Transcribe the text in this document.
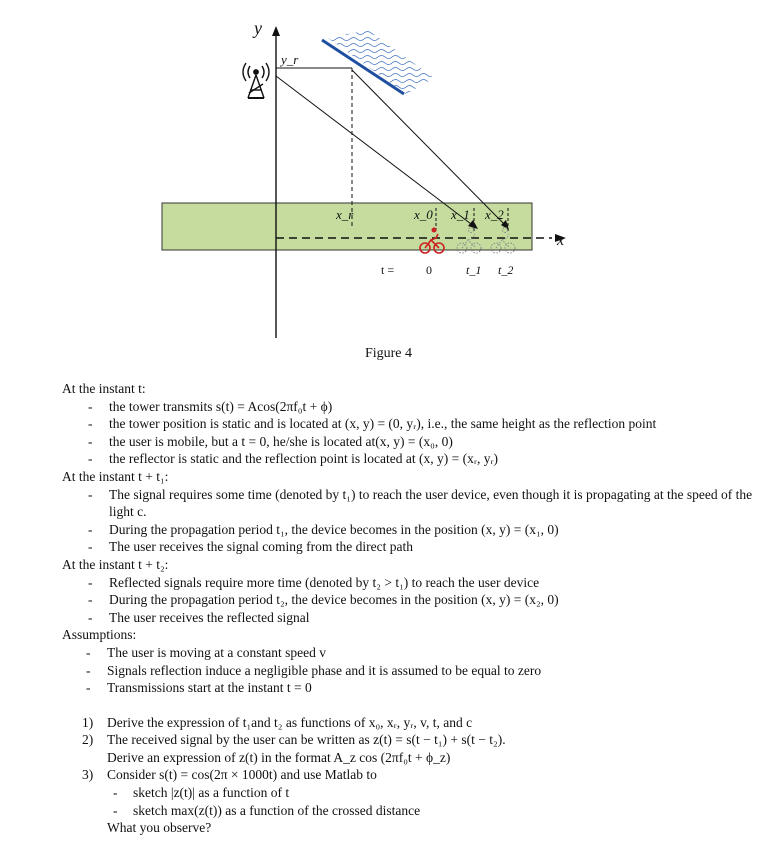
y
x
y_r
x_r	x_0 x_1 x_2
t =	0	t_1 t_2
Figure 4
At the instant t:
- the tower transmits s(t) = Acos(2πf₀t + ϕ)
- the tower position is static and is located at (x, y) = (0, yᵣ), i.e., the same height as the reflection point
- the user is mobile, but a t = 0, he/she is located at(x, y) = (x₀, 0)
- the reflector is static and the reflection point is located at (x, y) = (xᵣ, yᵣ)
At the instant t + t₁:
- The signal requires some time (denoted by t₁) to reach the user device, even though it is propagating at the speed of the light c.
- During the propagation period t₁, the device becomes in the position (x, y) = (x₁, 0)
- The user receives the signal coming from the direct path
At the instant t + t₂:
- Reflected signals require more time (denoted by t₂ > t₁) to reach the user device
- During the propagation period t₂, the device becomes in the position (x, y) = (x₂, 0)
- The user receives the reflected signal
Assumptions:
- The user is moving at a constant speed v
- Signals reflection induce a negligible phase and it is assumed to be equal to zero
- Transmissions start at the instant t = 0
1) Derive the expression of t₁and t₂ as functions of x₀, xᵣ, yᵣ, v, t, and c
2) The received signal by the user can be written as z(t) = s(t − t₁) + s(t − t₂).
Derive an expression of z(t) in the format A_z cos (2πf₀t + ϕ_z)
3) Consider s(t) = cos(2π × 1000t) and use Matlab to
- sketch |z(t)| as a function of t
- sketch max(z(t)) as a function of the crossed distance
What you observe?
